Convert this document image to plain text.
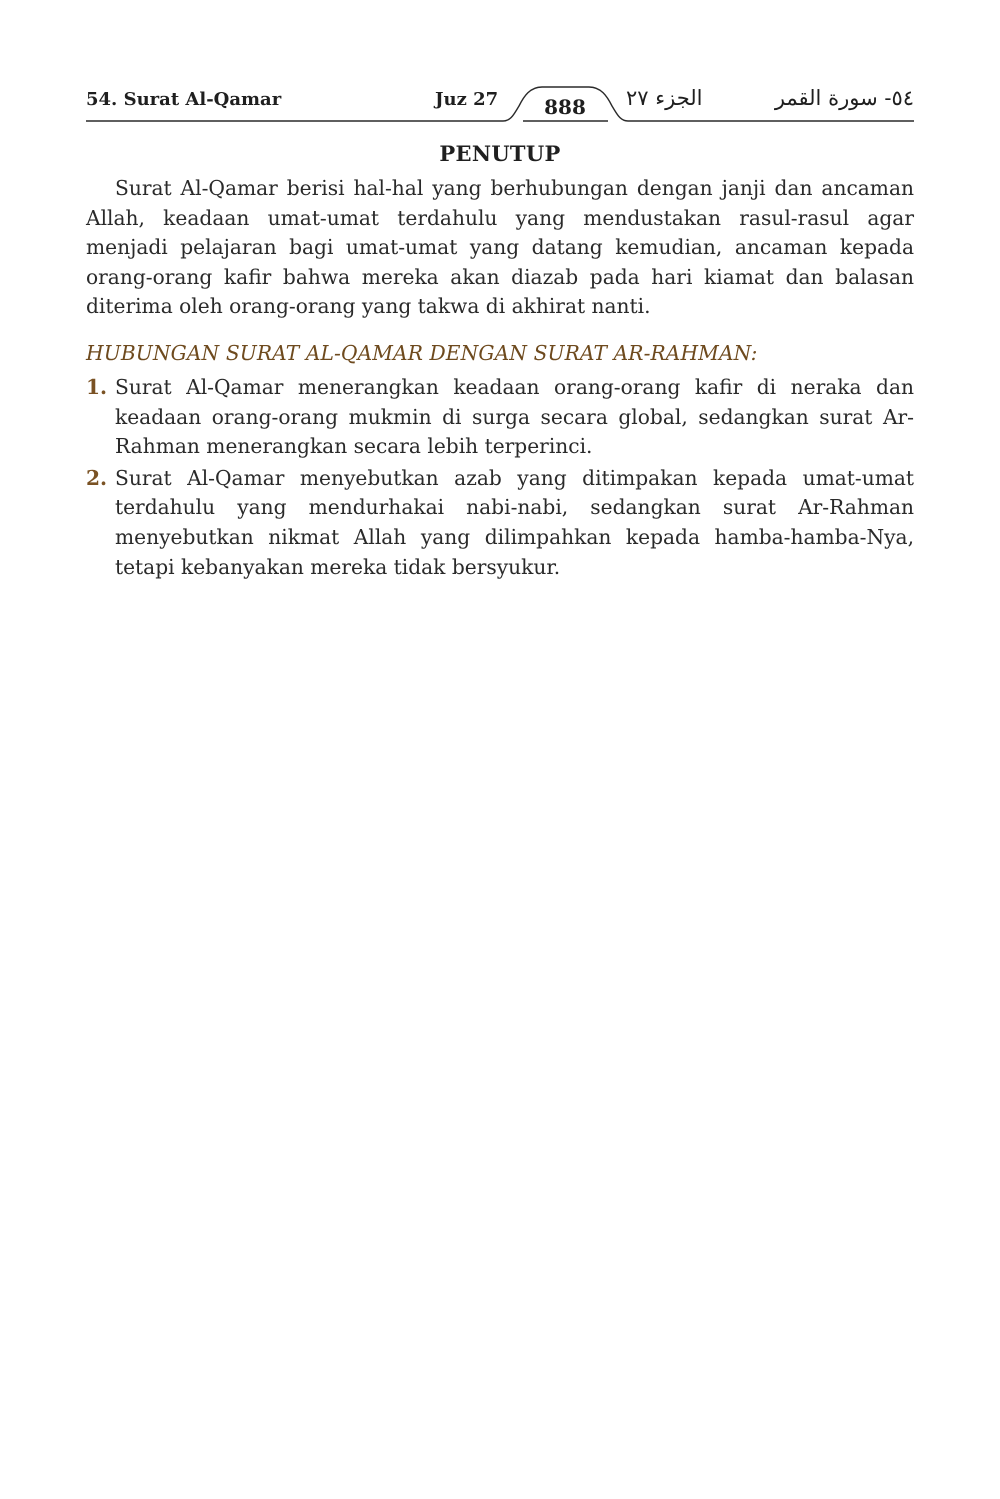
54. Surat Al-Qamar	Juz 27	888	الجزء ٢٧	٥٤- سورة القمر
PENUTUP

Surat Al-Qamar berisi hal-hal yang berhubungan dengan janji dan ancaman Allah, keadaan umat-umat terdahulu yang mendustakan rasul-rasul agar menjadi pelajaran bagi umat-umat yang datang kemudian, ancaman kepada orang-orang kafir bahwa mereka akan diazab pada hari kiamat dan balasan diterima oleh orang-orang yang takwa di akhirat nanti.

HUBUNGAN SURAT AL-QAMAR DENGAN SURAT AR-RAHMAN:
1. Surat Al-Qamar menerangkan keadaan orang-orang kafir di neraka dan keadaan orang-orang mukmin di surga secara global, sedangkan surat Ar-Rahman menerangkan secara lebih terperinci.
2. Surat Al-Qamar menyebutkan azab yang ditimpakan kepada umat-umat terdahulu yang mendurhakai nabi-nabi, sedangkan surat Ar-Rahman menyebutkan nikmat Allah yang dilimpahkan kepada hamba-hamba-Nya, tetapi kebanyakan mereka tidak bersyukur.
